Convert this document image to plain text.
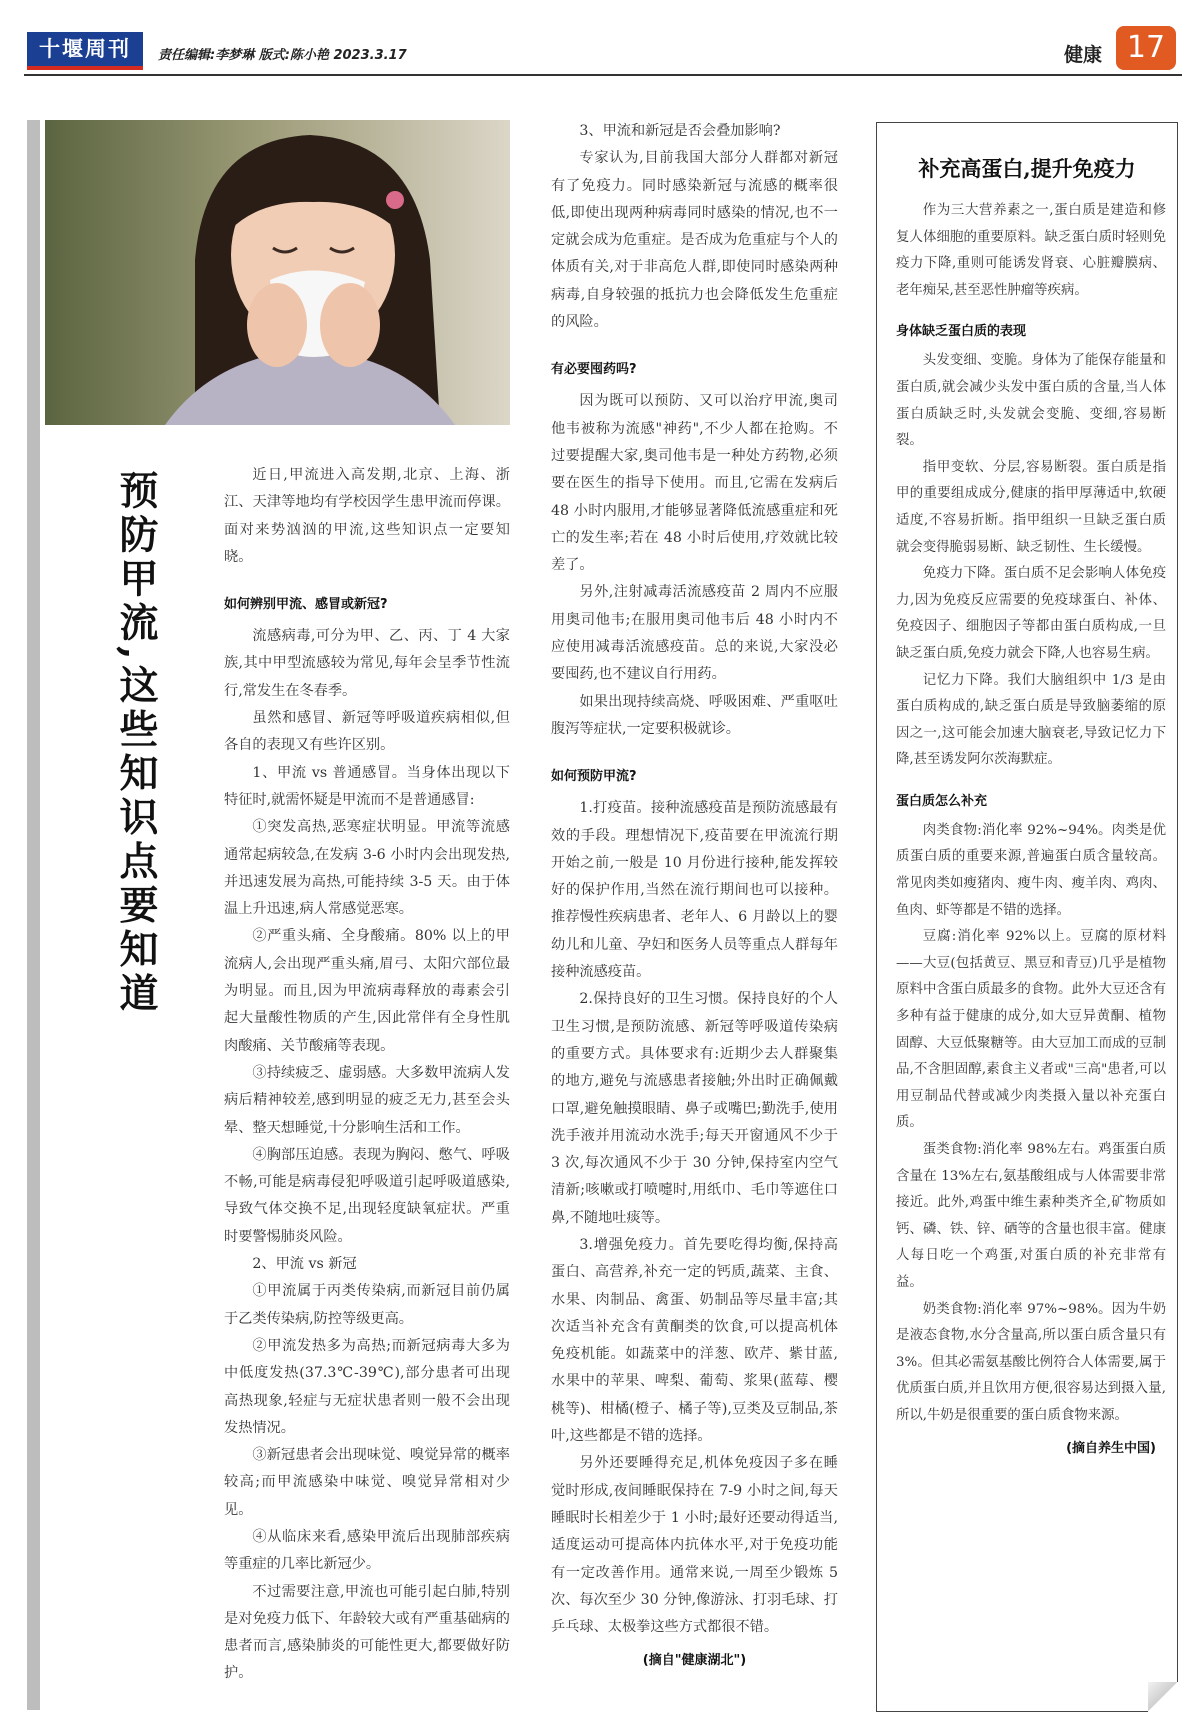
十堰周刊	责任编辑:李梦琳 版式:陈小艳 2023.3.17	健康 17
预防甲流,这些知识点要知道	近日,甲流进入高发期,北京、上海、浙江、天津等地均有学校因学生患甲流而停课。面对来势汹汹的甲流,这些知识点一定要知晓。

如何辨别甲流、感冒或新冠?

流感病毒,可分为甲、乙、丙、丁 4 大家族,其中甲型流感较为常见,每年会呈季节性流行,常发生在冬春季。

虽然和感冒、新冠等呼吸道疾病相似,但各自的表现又有些许区别。

1、甲流 vs 普通感冒。当身体出现以下特征时,就需怀疑是甲流而不是普通感冒:

①突发高热,恶寒症状明显。甲流等流感通常起病较急,在发病 3-6 小时内会出现发热,并迅速发展为高热,可能持续 3-5 天。由于体温上升迅速,病人常感觉恶寒。

②严重头痛、全身酸痛。80% 以上的甲流病人,会出现严重头痛,眉弓、太阳穴部位最为明显。而且,因为甲流病毒释放的毒素会引起大量酸性物质的产生,因此常伴有全身性肌肉酸痛、关节酸痛等表现。

③持续疲乏、虚弱感。大多数甲流病人发病后精神较差,感到明显的疲乏无力,甚至会头晕、整天想睡觉,十分影响生活和工作。

④胸部压迫感。表现为胸闷、憋气、呼吸不畅,可能是病毒侵犯呼吸道引起呼吸道感染,导致气体交换不足,出现轻度缺氧症状。严重时要警惕肺炎风险。

2、甲流 vs 新冠

①甲流属于丙类传染病,而新冠目前仍属于乙类传染病,防控等级更高。

②甲流发热多为高热;而新冠病毒大多为中低度发热(37.3℃-39℃),部分患者可出现高热现象,轻症与无症状患者则一般不会出现发热情况。

③新冠患者会出现味觉、嗅觉异常的概率较高;而甲流感染中味觉、嗅觉异常相对少见。

④从临床来看,感染甲流后出现肺部疾病等重症的几率比新冠少。

不过需要注意,甲流也可能引起白肺,特别是对免疫力低下、年龄较大或有严重基础病的患者而言,感染肺炎的可能性更大,都要做好防护。

3、甲流和新冠是否会叠加影响?

专家认为,目前我国大部分人群都对新冠有了免疫力。同时感染新冠与流感的概率很低,即使出现两种病毒同时感染的情况,也不一定就会成为危重症。是否成为危重症与个人的体质有关,对于非高危人群,即使同时感染两种病毒,自身较强的抵抗力也会降低发生危重症的风险。

有必要囤药吗?

因为既可以预防、又可以治疗甲流,奥司他韦被称为流感"神药",不少人都在抢购。不过要提醒大家,奥司他韦是一种处方药物,必须要在医生的指导下使用。而且,它需在发病后 48 小时内服用,才能够显著降低流感重症和死亡的发生率;若在 48 小时后使用,疗效就比较差了。

另外,注射减毒活流感疫苗 2 周内不应服用奥司他韦;在服用奥司他韦后 48 小时内不应使用减毒活流感疫苗。总的来说,大家没必要囤药,也不建议自行用药。

如果出现持续高烧、呼吸困难、严重呕吐腹泻等症状,一定要积极就诊。

如何预防甲流?

1.打疫苗。接种流感疫苗是预防流感最有效的手段。理想情况下,疫苗要在甲流流行期开始之前,一般是 10 月份进行接种,能发挥较好的保护作用,当然在流行期间也可以接种。推荐慢性疾病患者、老年人、6 月龄以上的婴幼儿和儿童、孕妇和医务人员等重点人群每年接种流感疫苗。

2.保持良好的卫生习惯。保持良好的个人卫生习惯,是预防流感、新冠等呼吸道传染病的重要方式。具体要求有:近期少去人群聚集的地方,避免与流感患者接触;外出时正确佩戴口罩,避免触摸眼睛、鼻子或嘴巴;勤洗手,使用洗手液并用流动水洗手;每天开窗通风不少于 3 次,每次通风不少于 30 分钟,保持室内空气清新;咳嗽或打喷嚏时,用纸巾、毛巾等遮住口鼻,不随地吐痰等。

3.增强免疫力。首先要吃得均衡,保持高蛋白、高营养,补充一定的钙质,蔬菜、主食、水果、肉制品、禽蛋、奶制品等尽量丰富;其次适当补充含有黄酮类的饮食,可以提高机体免疫机能。如蔬菜中的洋葱、欧芹、紫甘蓝,水果中的苹果、啤梨、葡萄、浆果(蓝莓、樱桃等)、柑橘(橙子、橘子等),豆类及豆制品,茶叶,这些都是不错的选择。

另外还要睡得充足,机体免疫因子多在睡觉时形成,夜间睡眠保持在 7-9 小时之间,每天睡眠时长相差少于 1 小时;最好还要动得适当,适度运动可提高体内抗体水平,对于免疫功能有一定改善作用。通常来说,一周至少锻炼 5 次、每次至少 30 分钟,像游泳、打羽毛球、打乒乓球、太极拳这些方式都很不错。

(摘自"健康湖北")
补充高蛋白,提升免疫力

作为三大营养素之一,蛋白质是建造和修复人体细胞的重要原料。缺乏蛋白质时轻则免疫力下降,重则可能诱发肾衰、心脏瓣膜病、老年痴呆,甚至恶性肿瘤等疾病。

身体缺乏蛋白质的表现

头发变细、变脆。身体为了能保存能量和蛋白质,就会减少头发中蛋白质的含量,当人体蛋白质缺乏时,头发就会变脆、变细,容易断裂。

指甲变软、分层,容易断裂。蛋白质是指甲的重要组成成分,健康的指甲厚薄适中,软硬适度,不容易折断。指甲组织一旦缺乏蛋白质就会变得脆弱易断、缺乏韧性、生长缓慢。

免疫力下降。蛋白质不足会影响人体免疫力,因为免疫反应需要的免疫球蛋白、补体、免疫因子、细胞因子等都由蛋白质构成,一旦缺乏蛋白质,免疫力就会下降,人也容易生病。

记忆力下降。我们大脑组织中 1/3 是由蛋白质构成的,缺乏蛋白质是导致脑萎缩的原因之一,这可能会加速大脑衰老,导致记忆力下降,甚至诱发阿尔茨海默症。

蛋白质怎么补充

肉类食物:消化率 92%~94%。肉类是优质蛋白质的重要来源,普遍蛋白质含量较高。常见肉类如瘦猪肉、瘦牛肉、瘦羊肉、鸡肉、鱼肉、虾等都是不错的选择。

豆腐:消化率 92%以上。豆腐的原材料——大豆(包括黄豆、黑豆和青豆)几乎是植物原料中含蛋白质最多的食物。此外大豆还含有多种有益于健康的成分,如大豆异黄酮、植物固醇、大豆低聚糖等。由大豆加工而成的豆制品,不含胆固醇,素食主义者或"三高"患者,可以用豆制品代替或减少肉类摄入量以补充蛋白质。

蛋类食物:消化率 98%左右。鸡蛋蛋白质含量在 13%左右,氨基酸组成与人体需要非常接近。此外,鸡蛋中维生素种类齐全,矿物质如钙、磷、铁、锌、硒等的含量也很丰富。健康人每日吃一个鸡蛋,对蛋白质的补充非常有益。

奶类食物:消化率 97%~98%。因为牛奶是液态食物,水分含量高,所以蛋白质含量只有 3%。但其必需氨基酸比例符合人体需要,属于优质蛋白质,并且饮用方便,很容易达到摄入量,所以,牛奶是很重要的蛋白质食物来源。

(摘自养生中国)
